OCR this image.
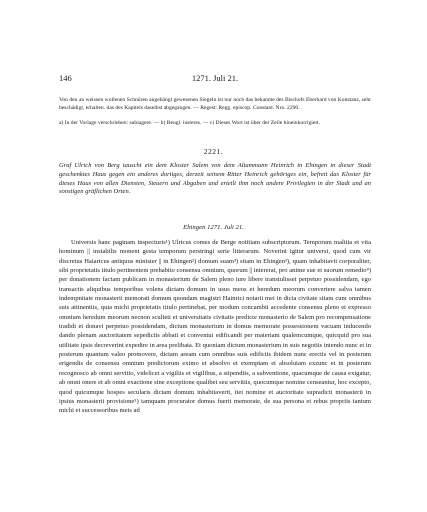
146	1271. Juli 21.
Von den an weissen wollenen Schnüren angehängt gewesenen Siegeln ist nur noch das bekannte des Bischofs Eberhard von Konstanz, sehr beschädigt, erhalten. das des Kapitels daselbst abgegangen. — Regest: Regg. episcop. Constant. Nro. 2290.
a) In der Vorlage verschrieben: subiagere. — b) Beugl. iusteres. — c) Dieses Wort ist über der Zeile hineinkorrigiert.
2221.
Graf Ulrich von Berg tauscht ein dem Kloster Salem von dem Altammann Heinrich in Ehingen in dieser Stadt geschenktes Haus gegen ein anderes dortiges, derzeit seinem Ritter Heinrich gehöriges ein, befreit das Kloster für dieses Haus von allen Diensten, Steuern und Abgaben und erteilt ihm noch andere Privilegien in der Stadt und an sonstigen gräflichen Orten.
Ehingen 1271. Juli 21.

Universis hanc paginam inspecturis¹) Ulricus comes de Berge notitiam subscriptorum. Temporum malitia et vita hominum || instabilis monent gesta temporum perstringi serie litterarum. Noverint igitur universi, quod cum vir discretus Haiaricus antiquus minister || in Ehingen²) domum suam³) sitam in Ehingen³), quam inhabitavit corporaliter, sibi proprietatis titulo pertinentem prehabito consensu omnium, quorum || intererat, pro anime sue et suorum remedio⁴) per donationem factam publicam in monasterium de Salem pleno iure libere transtulisset perpetuo possidendam, ego transactis aliquibus temporibus volens dictam domum in usus meos et heredum meorum convertere salva tamen indempnitate monasterii memorati domum quondam magistri Hainrici notarii mei in dicta civitate sitam cum omnibus suis attinentiis, quia michi proprietatis titulo pertinebat, per modum concambii accedente consensu pleno et expresso omnium heredum meorum necnon sculteti et universitatis civitatis predicte monasterio de Salem pro recompensatione tradidi et donavi perpetuo possidendam, dictum monasterium in domus memorate possessionem vacuam inducendo dando plenam auctoritatem sepedictis abbati et conventui edificandi per materiam qualemcumque, quicquid pro sua utilitate ipsis decreverint expedire in area prelibata. Et quoniam dictum monasterium in suis negotiis intendo nunc et in posterum quantum valeo promovere, dictam aream cum omnibus suis edificiis ibidem nunc erectis vel in posterum erigendis de consensu omnium predictorum eximo et absolvo et exemptam et absolutam exzunc et in posterum recognosco ab omni servitio, videlicet a vigiliis et vigilibus, a stipendiis, a subventione, quacumque de causa exigatur, ab omni onere et ab omni exactione sine exceptione qualibet seu servitiis, quocumque nomine censeantur, hoc excepto, quod quicumque hospes secularis dictam domum inhabitaverit, tiei nomine et auctoritate supradicti monasterii in ipsius monasterii provisione⁵) tamquam procurator domus fuerit memorate, de sua persona et rebus propriis tantum michi et successoribus meis ad
